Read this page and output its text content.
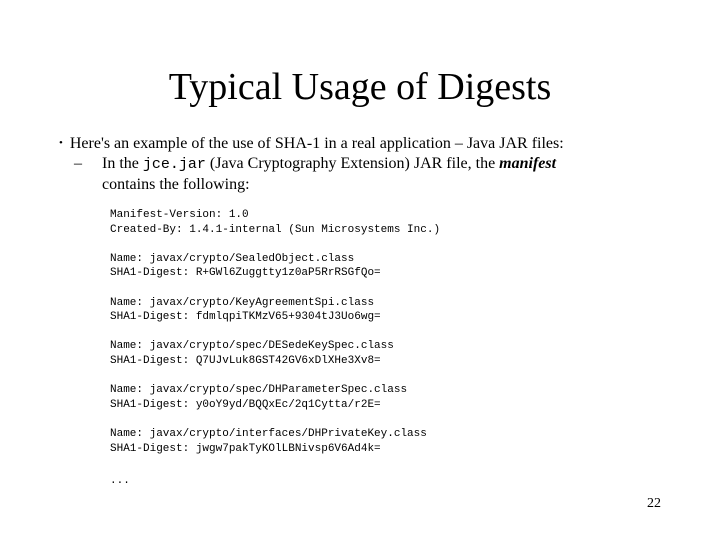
Typical Usage of Digests
• Here's an example of the use of SHA-1 in a real application – Java JAR files:
– In the jce.jar (Java Cryptography Extension) JAR file, the manifest
contains the following:
Manifest-Version: 1.0
Created-By: 1.4.1-internal (Sun Microsystems Inc.)
Name: javax/crypto/SealedObject.class
SHA1-Digest: R+GWl6Zuggtty1z0aP5RrRSGfQo=
Name: javax/crypto/KeyAgreementSpi.class
SHA1-Digest: fdmlqpiTKMzV65+9304tJ3Uo6wg=
Name: javax/crypto/spec/DESedeKeySpec.class
SHA1-Digest: Q7UJvLuk8GST42GV6xDlXHe3Xv8=
Name: javax/crypto/spec/DHParameterSpec.class
SHA1-Digest: y0oY9yd/BQQxEc/2q1Cytta/r2E=
Name: javax/crypto/interfaces/DHPrivateKey.class
SHA1-Digest: jwgw7pakTyKOlLBNivsp6V6Ad4k=
...
22
